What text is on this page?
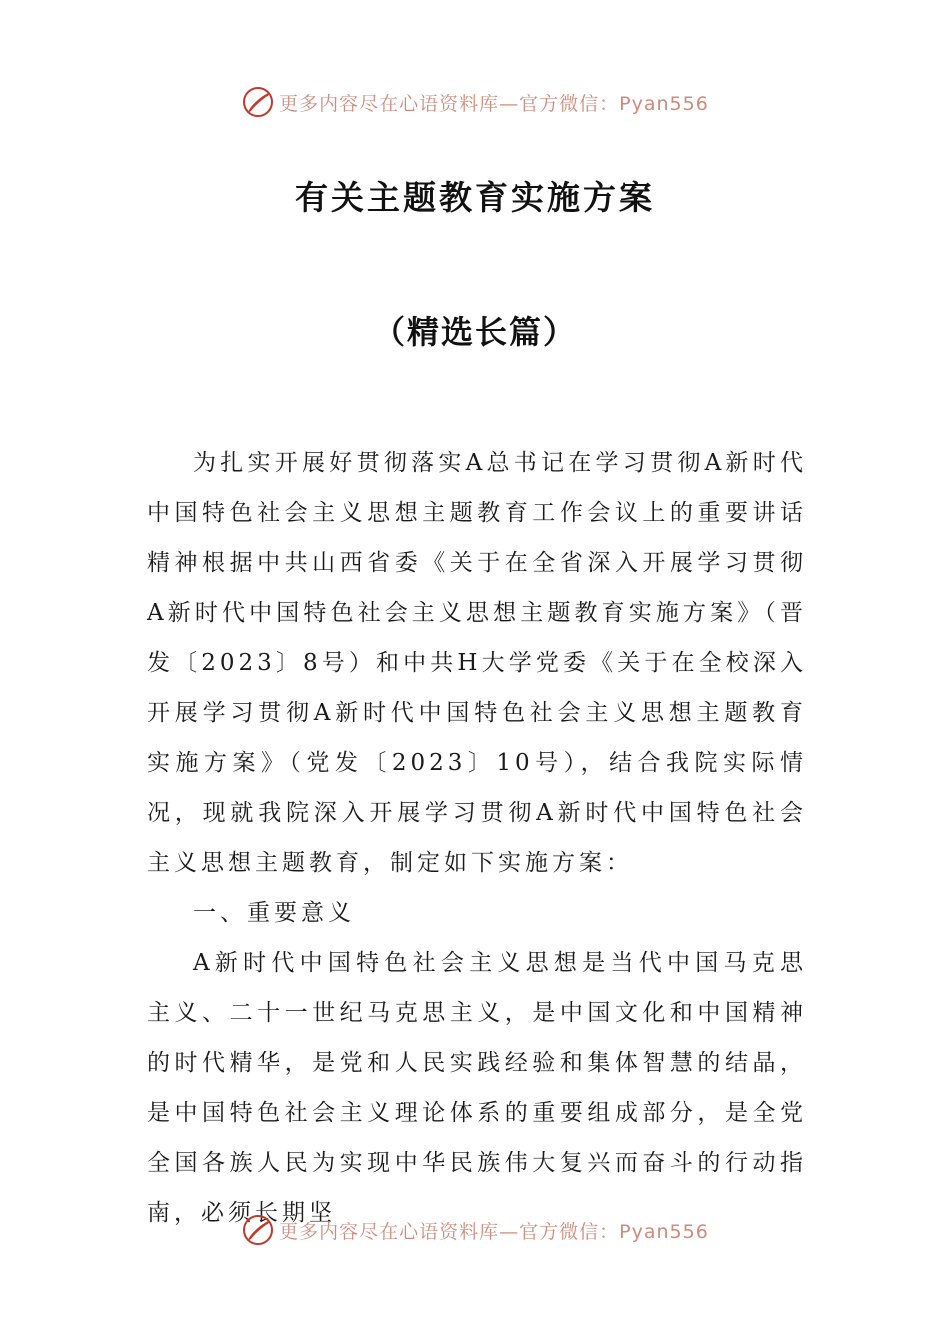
更多内容尽在心语资料库—官方微信：Pyan556
有关主题教育实施方案
（精选长篇）

为扎实开展好贯彻落实A总书记在学习贯彻A新时代中国特色社会主义思想主题教育工作会议上的重要讲话精神根据中共山西省委《关于在全省深入开展学习贯彻A新时代中国特色社会主义思想主题教育实施方案》（晋发〔2023〕8号）和中共H大学党委《关于在全校深入开展学习贯彻A新时代中国特色社会主义思想主题教育实施方案》（党发〔2023〕10号），结合我院实际情况，现就我院深入开展学习贯彻A新时代中国特色社会主义思想主题教育，制定如下实施方案：

一、重要意义

A新时代中国特色社会主义思想是当代中国马克思主义、二十一世纪马克思主义，是中国文化和中国精神的时代精华，是党和人民实践经验和集体智慧的结晶，是中国特色社会主义理论体系的重要组成部分，是全党全国各族人民为实现中华民族伟大复兴而奋斗的行动指南，必须长期坚

更多内容尽在心语资料库—官方微信：Pyan556
